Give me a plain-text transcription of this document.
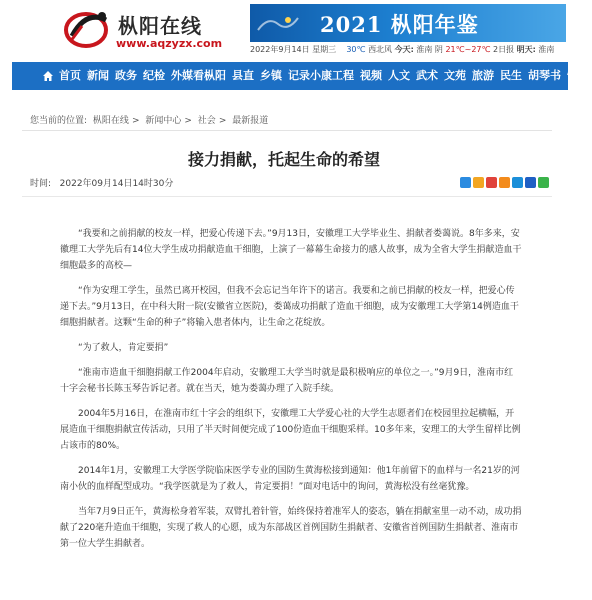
枞阳在线
www.aqzyzx.com
2021 枞阳年鉴
2022年9月14日 星期三 30℃ 西北风 今天: 淮南 阴 21℃~27℃ 2日报 明天: 淮南
首页 新闻 政务 纪检 外媒看枞阳 县直 乡镇 记录小康工程 视频 人文 武术 文苑 旅游 民生 胡琴书 悟网
您当前的位置: 枞阳在线 > 新闻中心 > 社会 > 最新报道
接力捐献，托起生命的希望
时间: 2022年09月14日14时30分

“我要和之前捐献的校友一样，把爱心传递下去。”9月13日，安徽理工大学毕业生、捐献者娄蔼说。8年多来，安徽理工大学先后有14位大学生成功捐献造血干细胞，上演了一幕幕生命接力的感人故事，成为全省大学生捐献造血干细胞最多的高校—

“作为安理工学生，虽然已离开校园，但我不会忘记当年许下的诺言。我要和之前已捐献的校友一样，把爱心传递下去。”9月13日，在中科大附一院(安徽省立医院)，娄蔼成功捐献了造血干细胞，成为安徽理工大学第14例造血干细胞捐献者。这颗“生命的种子”将输入患者体内，让生命之花绽放。

“为了救人，肯定要捐”

“淮南市造血干细胞捐献工作2004年启动，安徽理工大学当时就是最积极响应的单位之一。”9月9日，淮南市红十字会秘书长陈玉琴告诉记者。就在当天，她为娄蔼办理了入院手续。

2004年5月16日，在淮南市红十字会的组织下，安徽理工大学爱心社的大学生志愿者们在校园里拉起横幅，开展造血干细胞捐献宣传活动，只用了半天时间便完成了100份造血干细胞采样。10多年来，安理工的大学生留样比例占该市的80%。

2014年1月，安徽理工大学医学院临床医学专业的国防生黄海松接到通知：他1年前留下的血样与一名21岁的河南小伙的血样配型成功。“我学医就是为了救人，肯定要捐！”面对电话中的询问，黄海松没有丝毫犹豫。

当年7月9日正午，黄海松身着军装，双臂扎着针管，始终保持着准军人的姿态，躺在捐献室里一动不动，成功捐献了220毫升造血干细胞，实现了救人的心愿，成为东部战区首例国防生捐献者、安徽省首例国防生捐献者、淮南市第一位大学生捐献者。
